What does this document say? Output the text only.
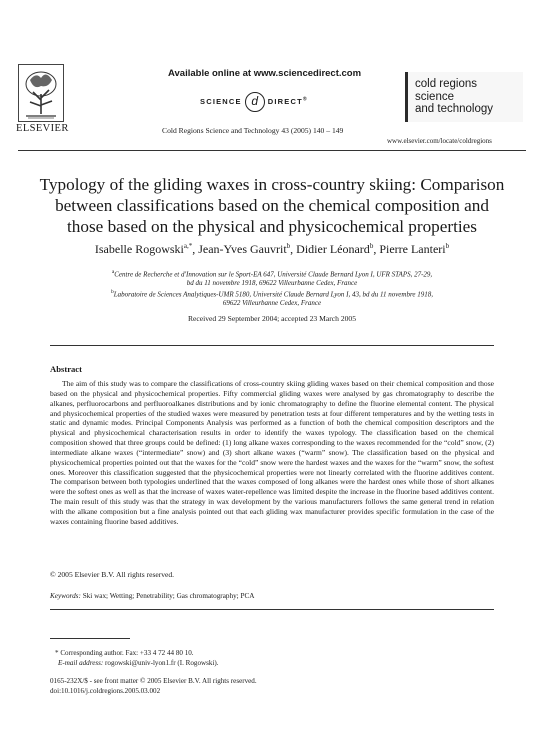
ELSEVIER
Available online at www.sciencedirect.com
SCIENCE d DIRECT®
Cold Regions Science and Technology 43 (2005) 140 – 149
cold regions
science
and technology
www.elsevier.com/locate/coldregions
Typology of the gliding waxes in cross-country skiing: Comparison
between classifications based on the chemical composition and
those based on the physical and physicochemical properties
Isabelle Rogowski$^{a,*}$, Jean-Yves Gauvrit$^b$, Didier Léonard$^b$, Pierre Lanteri$^b$
$^a$Centre de Recherche et d'Innovation sur le Sport-EA 647, Université Claude Bernard Lyon I, UFR STAPS, 27-29,
bd du 11 novembre 1918, 69622 Villeurbanne Cedex, France
$^b$Laboratoire de Sciences Analytiques-UMR 5180, Université Claude Bernard Lyon I, 43, bd du 11 novembre 1918,
69622 Villeurbanne Cedex, France
Received 29 September 2004; accepted 23 March 2005
Abstract
The aim of this study was to compare the classifications of cross-country skiing gliding waxes based on their chemical composition and those based on the physical and physicochemical properties. Fifty commercial gliding waxes were analysed by gas chromatography to describe the alkanes, perfluorocarbons and perfluoroalkanes distributions and by ionic chromatography to define the fluorine elemental content. The physical and physicochemical properties of the studied waxes were measured by penetration tests at four different temperatures and by the wetting tests in static and dynamic modes. Principal Components Analysis was performed as a function of both the chemical composition descriptors and the physical and physicochemical characterisation results in order to identify the waxes typology. The classification based on the chemical composition showed that three groups could be defined: (1) long alkane waxes corresponding to the waxes recommended for the “cold” snow, (2) intermediate alkane waxes (“intermediate” snow) and (3) short alkane waxes (“warm” snow). The classification based on the physical and physicochemical properties pointed out that the waxes for the “cold” snow were the hardest waxes and the waxes for the “warm” snow, the softest ones. Moreover this classification suggested that the physicochemical properties were not linearly correlated with the fluorine additives content. The comparison between both typologies underlined that the waxes composed of long alkanes were the hardest ones while those of short alkanes were the softest ones as well as that the increase of waxes water-repellence was limited despite the increase in the fluorine based additives content. The main result of this study was that the strategy in wax development by the various manufacturers follows the same general trend in relation with the alkane composition but a fine analysis pointed out that each gliding wax manufacturer provides specific formulation in the case of the waxes containing fluorine based additives.
© 2005 Elsevier B.V. All rights reserved.
Keywords: Ski wax; Wetting; Penetrability; Gas chromatography; PCA
* Corresponding author. Fax: +33 4 72 44 80 10.
E-mail address: rogowski@univ-lyon1.fr (I. Rogowski).
0165-232X/$ - see front matter © 2005 Elsevier B.V. All rights reserved.
doi:10.1016/j.coldregions.2005.03.002
